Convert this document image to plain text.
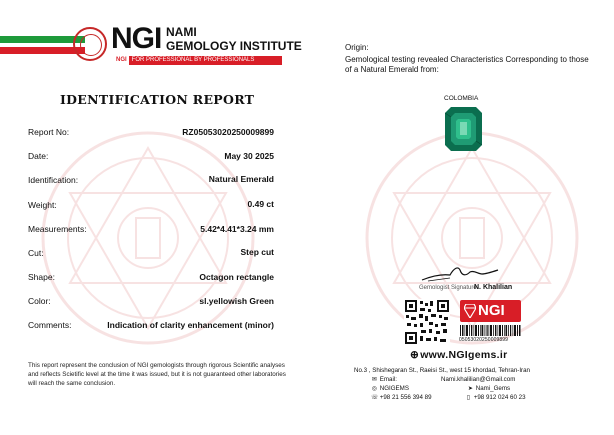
NGI NAMI
GEMOLOGY INSTITUTE
NGI FOR PROFESSIONAL BY PROFESSIONALS
IDENTIFICATION REPORT
Report No:	RZ05053020250009899
Date:	May 30 2025
Identification:	Natural Emerald
Weight:	0.49 ct
Measurements:	5.42*4.41*3.24 mm
Cut:	Step cut
Shape:	Octagon rectangle
Color:	sl.yellowish Green
Comments:	Indication of clarity enhancement (minor)
This report represent the conclusion of NGI gemologists through rigorous Scientific analyses and reflects Scietific level at the time it was issued, but it is not guaranteed other laboratories will reach the same conclusion.
Origin:
Gemological testing revealed Characteristics Corresponding to those of a Natural Emerald from:
COLOMBIA
Gemologist Signature:
N. Khalilian
NGI
05053020250009899
⊕ www.NGIgems.ir
No.3 , Shishegaran St., Raeisi St., west 15 khordad, Tehran-Iran
✉ Email:	Nami.khalilian@Gmail.com
◎ NGIGEMS	➤ Nami_Gems
☏ +98 21 556 394 89	▯ +98 912 024 60 23
